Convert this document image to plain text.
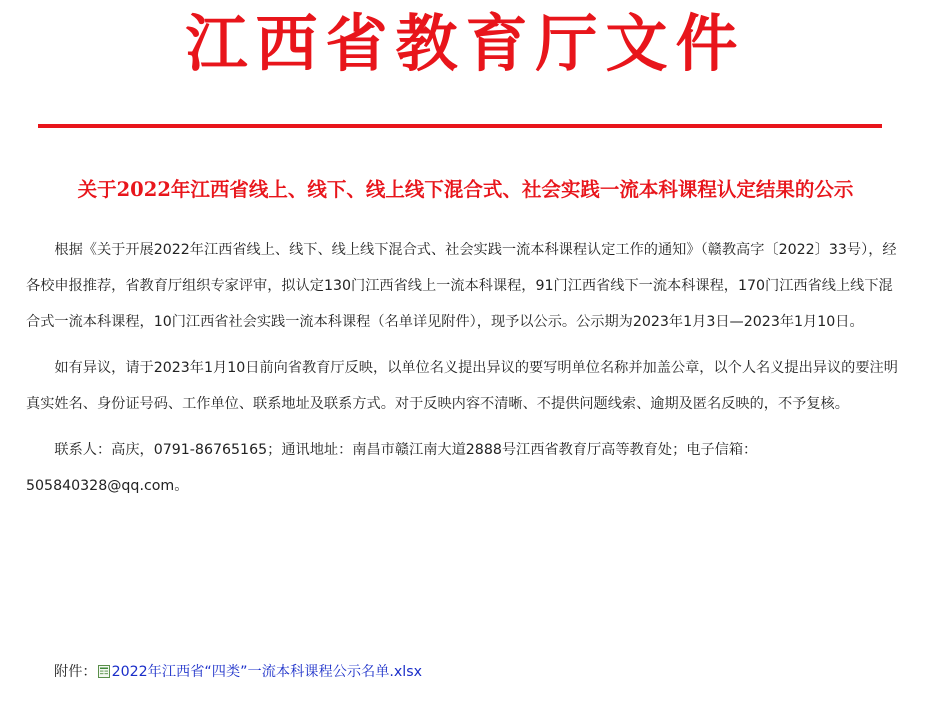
江西省教育厅文件
关于2022年江西省线上、线下、线上线下混合式、社会实践一流本科课程认定结果的公示

根据《关于开展2022年江西省线上、线下、线上线下混合式、社会实践一流本科课程认定工作的通知》（赣教高字〔2022〕33号），经各校申报推荐，省教育厅组织专家评审，拟认定130门江西省线上一流本科课程，91门江西省线下一流本科课程，170门江西省线上线下混合式一流本科课程，10门江西省社会实践一流本科课程（名单详见附件），现予以公示。公示期为2023年1月3日—2023年1月10日。

如有异议，请于2023年1月10日前向省教育厅反映，以单位名义提出异议的要写明单位名称并加盖公章，以个人名义提出异议的要注明真实姓名、身份证号码、工作单位、联系地址及联系方式。对于反映内容不清晰、不提供问题线索、逾期及匿名反映的，不予复核。

联系人：高庆，0791-86765165；通讯地址：南昌市赣江南大道2888号江西省教育厅高等教育处；电子信箱：505840328@qq.com。

附件： 2022年江西省“四类”一流本科课程公示名单.xlsx
